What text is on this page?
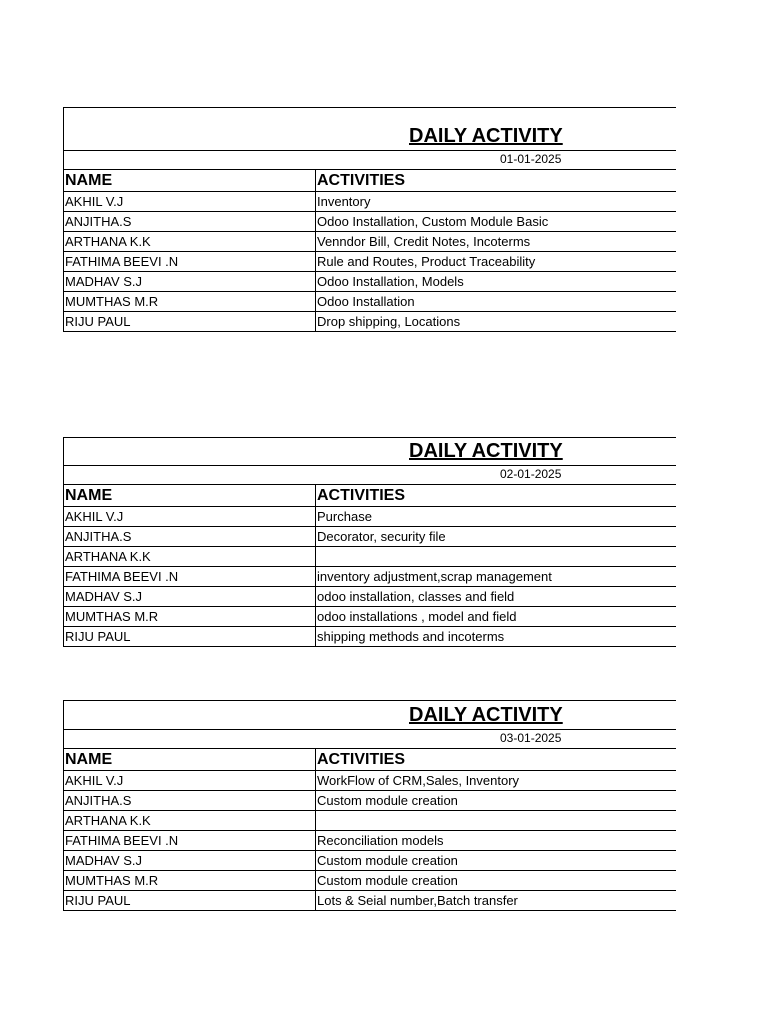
DAILY ACTIVITY
01-01-2025
NAME	ACTIVITIES
AKHIL V.J	Inventory
ANJITHA.S	Odoo Installation, Custom Module Basic
ARTHANA K.K	Venndor Bill, Credit Notes, Incoterms
FATHIMA BEEVI .N	Rule and Routes, Product Traceability
MADHAV S.J	Odoo Installation, Models
MUMTHAS M.R	Odoo Installation
RIJU PAUL	Drop shipping, Locations
DAILY ACTIVITY
02-01-2025
NAME	ACTIVITIES
AKHIL V.J	Purchase
ANJITHA.S	Decorator, security file
ARTHANA K.K
FATHIMA BEEVI .N	inventory adjustment,scrap management
MADHAV S.J	odoo installation, classes and field
MUMTHAS M.R	odoo installations , model and field
RIJU PAUL	shipping methods and incoterms
DAILY ACTIVITY
03-01-2025
NAME	ACTIVITIES
AKHIL V.J	WorkFlow of CRM,Sales, Inventory
ANJITHA.S	Custom module creation
ARTHANA K.K
FATHIMA BEEVI .N	Reconciliation models
MADHAV S.J	Custom module creation
MUMTHAS M.R	Custom module creation
RIJU PAUL	Lots & Seial number,Batch transfer
